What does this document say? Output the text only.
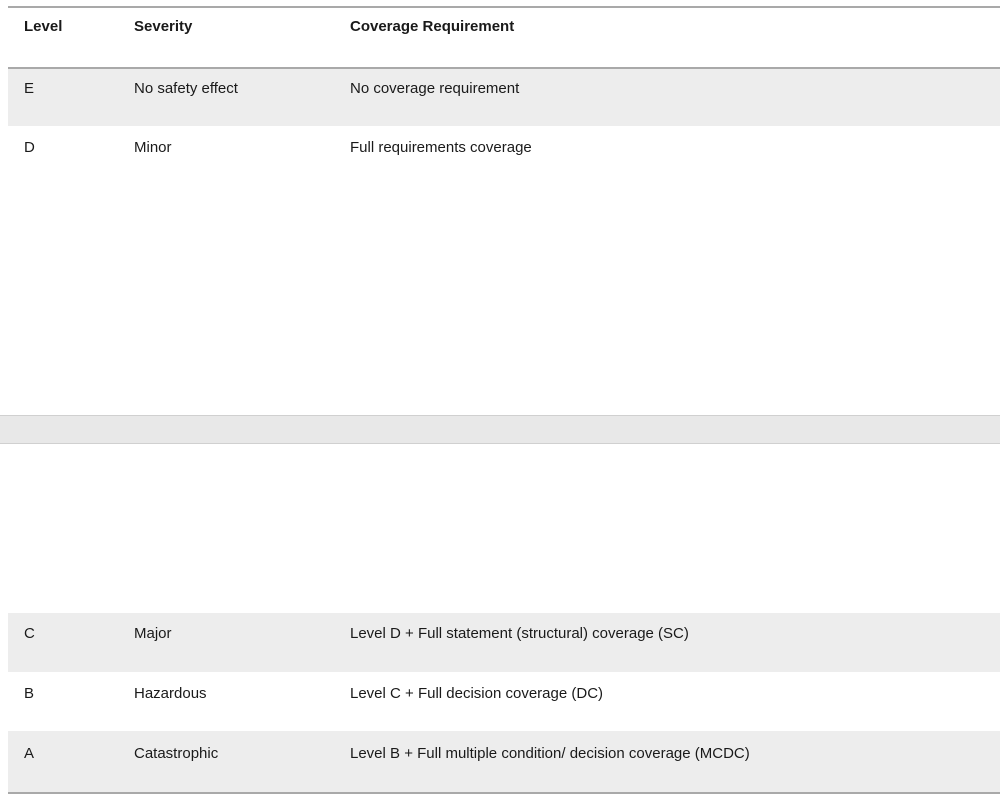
Level	Severity	Coverage Requirement
E	No safety effect	No coverage requirement
D	Minor	Full requirements coverage
C	Major	Level D + Full statement (structural) coverage (SC)
B	Hazardous	Level C + Full decision coverage (DC)
A	Catastrophic	Level B + Full multiple condition/ decision coverage (MCDC)
